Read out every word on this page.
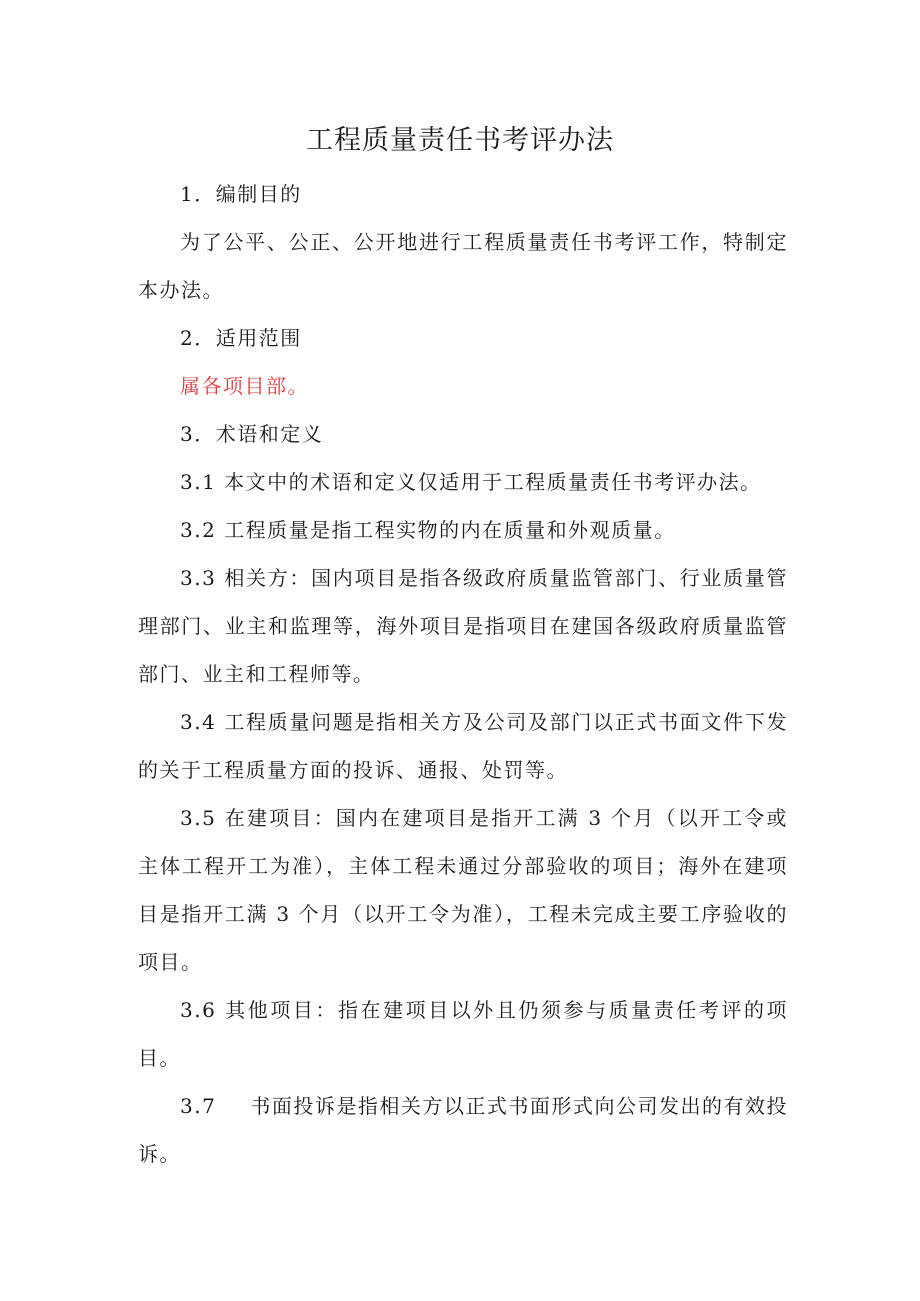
工程质量责任书考评办法

1．编制目的

为了公平、公正、公开地进行工程质量责任书考评工作，特制定本办法。

2．适用范围

属各项目部。

3．术语和定义

3.1 本文中的术语和定义仅适用于工程质量责任书考评办法。

3.2 工程质量是指工程实物的内在质量和外观质量。

3.3 相关方：国内项目是指各级政府质量监管部门、行业质量管理部门、业主和监理等，海外项目是指项目在建国各级政府质量监管部门、业主和工程师等。

3.4 工程质量问题是指相关方及公司及部门以正式书面文件下发的关于工程质量方面的投诉、通报、处罚等。

3.5 在建项目：国内在建项目是指开工满 3 个月（以开工令或主体工程开工为准），主体工程未通过分部验收的项目；海外在建项目是指开工满 3 个月（以开工令为准），工程未完成主要工序验收的项目。

3.6 其他项目：指在建项目以外且仍须参与质量责任考评的项目。

3.7 书面投诉是指相关方以正式书面形式向公司发出的有效投诉。
